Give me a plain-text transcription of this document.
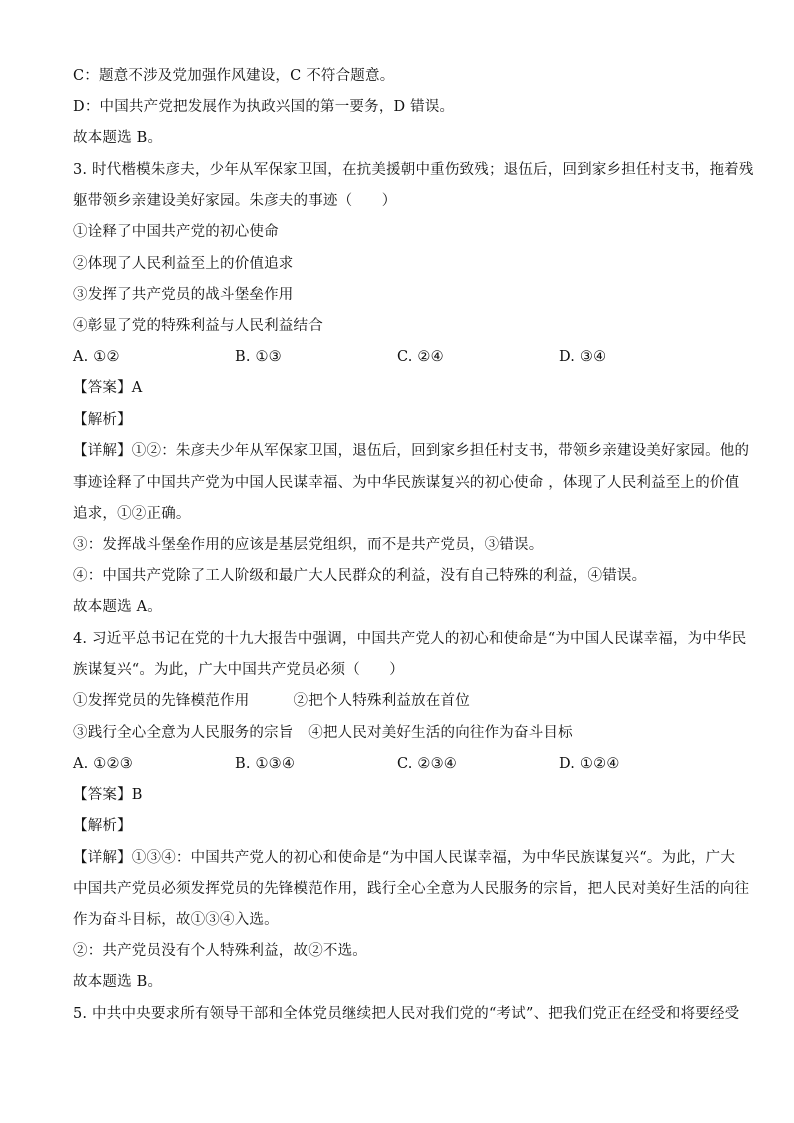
C：题意不涉及党加强作风建设，C 不符合题意。
D：中国共产党把发展作为执政兴国的第一要务，D 错误。
故本题选 B。
3. 时代楷模朱彦夫，少年从军保家卫国，在抗美援朝中重伤致残；退伍后，回到家乡担任村支书，拖着残
躯带领乡亲建设美好家园。朱彦夫的事迹（　　）
①诠释了中国共产党的初心使命
②体现了人民利益至上的价值追求
③发挥了共产党员的战斗堡垒作用
④彰显了党的特殊利益与人民利益结合
A. ①②	B. ①③	C. ②④	D. ③④
【答案】A
【解析】
【详解】①②：朱彦夫少年从军保家卫国，退伍后，回到家乡担任村支书，带领乡亲建设美好家园。他的
事迹诠释了中国共产党为中国人民谋幸福、为中华民族谋复兴的初心使命 ，体现了人民利益至上的价值
追求，①②正确。
③：发挥战斗堡垒作用的应该是基层党组织，而不是共产党员，③错误。
④：中国共产党除了工人阶级和最广大人民群众的利益，没有自己特殊的利益，④错误。
故本题选 A。
4. 习近平总书记在党的十九大报告中强调，中国共产党人的初心和使命是“为中国人民谋幸福，为中华民
族谋复兴“。为此，广大中国共产党员必须（　　）
①发挥党员的先锋模范作用　　　②把个人特殊利益放在首位
③践行全心全意为人民服务的宗旨　④把人民对美好生活的向往作为奋斗目标
A. ①②③	B. ①③④	C. ②③④	D. ①②④
【答案】B
【解析】
【详解】①③④：中国共产党人的初心和使命是“为中国人民谋幸福，为中华民族谋复兴“。为此，广大
中国共产党员必须发挥党员的先锋模范作用，践行全心全意为人民服务的宗旨，把人民对美好生活的向往
作为奋斗目标，故①③④入选。
②：共产党员没有个人特殊利益，故②不选。
故本题选 B。
5. 中共中央要求所有领导干部和全体党员继续把人民对我们党的“考试”、把我们党正在经受和将要经受
